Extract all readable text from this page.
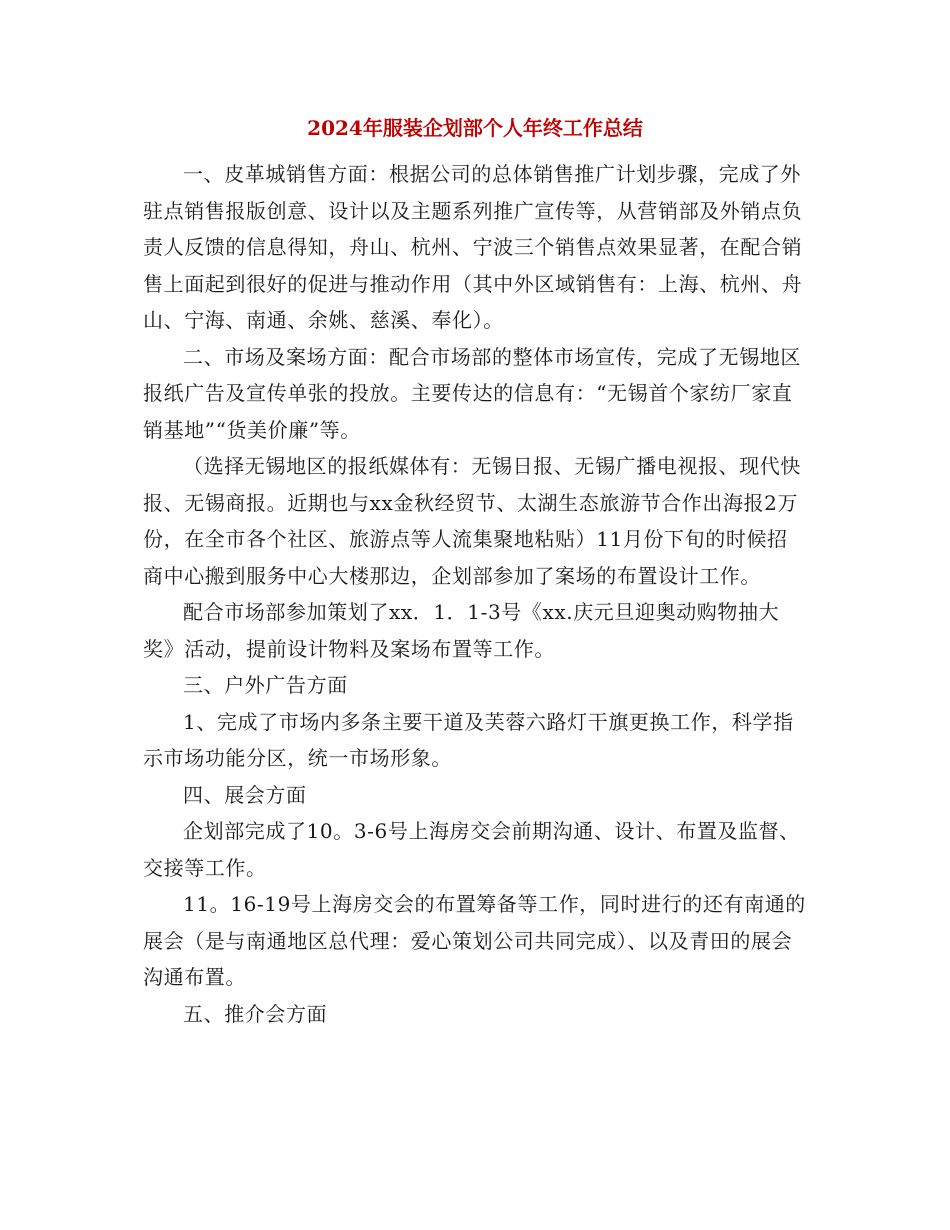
2024年服装企划部个人年终工作总结

一、皮革城销售方面：根据公司的总体销售推广计划步骤，完成了外驻点销售报版创意、设计以及主题系列推广宣传等，从营销部及外销点负责人反馈的信息得知，舟山、杭州、宁波三个销售点效果显著，在配合销售上面起到很好的促进与推动作用（其中外区域销售有：上海、杭州、舟山、宁海、南通、余姚、慈溪、奉化）。

二、市场及案场方面：配合市场部的整体市场宣传，完成了无锡地区报纸广告及宣传单张的投放。主要传达的信息有：“无锡首个家纺厂家直销基地”“货美价廉”等。

（选择无锡地区的报纸媒体有：无锡日报、无锡广播电视报、现代快报、无锡商报。近期也与xx金秋经贸节、太湖生态旅游节合作出海报2万份，在全市各个社区、旅游点等人流集聚地粘贴）11月份下旬的时候招商中心搬到服务中心大楼那边，企划部参加了案场的布置设计工作。

配合市场部参加策划了xx．1．1-3号《xx.庆元旦迎奥动购物抽大奖》活动，提前设计物料及案场布置等工作。

三、户外广告方面

1、完成了市场内多条主要干道及芙蓉六路灯干旗更换工作，科学指示市场功能分区，统一市场形象。

四、展会方面

企划部完成了10。3-6号上海房交会前期沟通、设计、布置及监督、交接等工作。

11。16-19号上海房交会的布置筹备等工作，同时进行的还有南通的展会（是与南通地区总代理：爱心策划公司共同完成）、以及青田的展会沟通布置。

五、推介会方面
